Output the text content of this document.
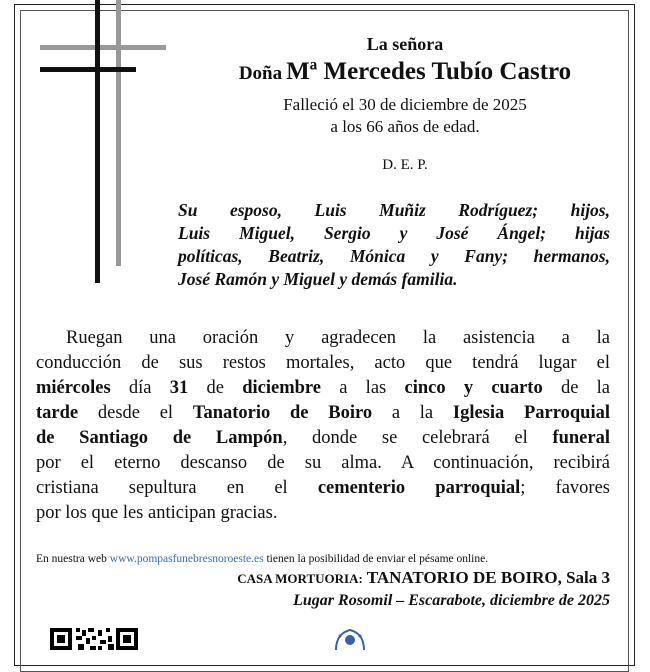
La señora
Doña Mª Mercedes Tubío Castro
Falleció el 30 de diciembre de 2025
a los 66 años de edad.
D. E. P.
Su esposo, Luis Muñiz Rodríguez; hijos,
Luis Miguel, Sergio y José Ángel; hijas
políticas, Beatriz, Mónica y Fany; hermanos,
José Ramón y Miguel y demás familia.
Ruegan una oración y agradecen la asistencia a la
conducción de sus restos mortales, acto que tendrá lugar el
miércoles día 31 de diciembre a las cinco y cuarto de la
tarde desde el Tanatorio de Boiro a la Iglesia Parroquial
de Santiago de Lampón, donde se celebrará el funeral
por el eterno descanso de su alma. A continuación, recibirá
cristiana sepultura en el cementerio parroquial; favores
por los que les anticipan gracias.
En nuestra web www.pompasfunebresnoroeste.es tienen la posibilidad de enviar el pésame online.
CASA MORTUORIA: TANATORIO DE BOIRO, Sala 3
Lugar Rosomil – Escarabote, diciembre de 2025
